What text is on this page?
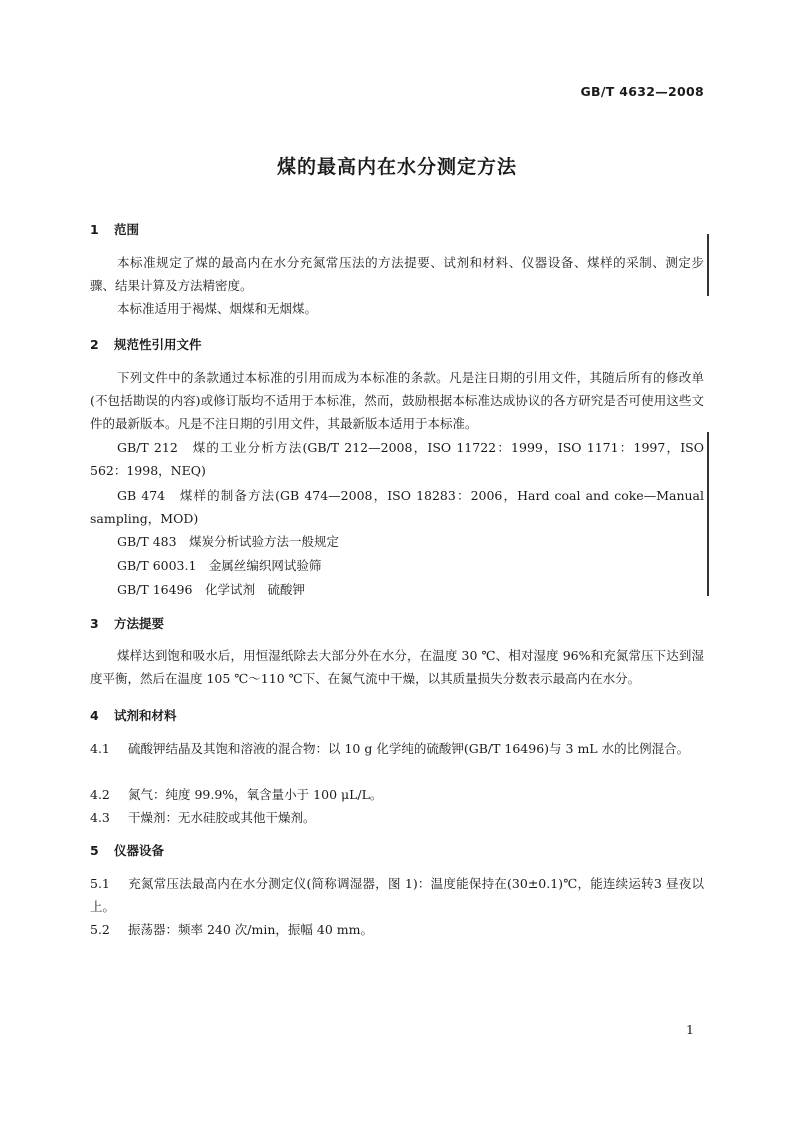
GB/T 4632—2008
煤的最高内在水分测定方法
1 范围
本标准规定了煤的最高内在水分充氮常压法的方法提要、试剂和材料、仪器设备、煤样的采制、测定步骤、结果计算及方法精密度。
本标准适用于褐煤、烟煤和无烟煤。
2 规范性引用文件
下列文件中的条款通过本标准的引用而成为本标准的条款。凡是注日期的引用文件，其随后所有的修改单(不包括勘误的内容)或修订版均不适用于本标准，然而，鼓励根据本标准达成协议的各方研究是否可使用这些文件的最新版本。凡是不注日期的引用文件，其最新版本适用于本标准。
GB/T 212　煤的工业分析方法(GB/T 212—2008，ISO 11722：1999，ISO 1171：1997，ISO 562：1998，NEQ)
GB 474　煤样的制备方法(GB 474—2008，ISO 18283：2006，Hard coal and coke—Manual sampling，MOD)
GB/T 483　煤炭分析试验方法一般规定
GB/T 6003.1　金属丝编织网试验筛
GB/T 16496　化学试剂　硫酸钾
3 方法提要
煤样达到饱和吸水后，用恒湿纸除去大部分外在水分，在温度 30 ℃、相对湿度 96%和充氮常压下达到湿度平衡，然后在温度 105 ℃～110 ℃下、在氮气流中干燥，以其质量损失分数表示最高内在水分。
4 试剂和材料
4.1 硫酸钾结晶及其饱和溶液的混合物：以 10 g 化学纯的硫酸钾(GB/T 16496)与 3 mL 水的比例混合。
4.2 氮气：纯度 99.9%，氧含量小于 100 μL/L。
4.3 干燥剂：无水硅胶或其他干燥剂。
5 仪器设备
5.1 充氮常压法最高内在水分测定仪(简称调湿器，图 1)：温度能保持在(30±0.1)℃，能连续运转3 昼夜以上。
5.2 振荡器：频率 240 次/min，振幅 40 mm。
1
